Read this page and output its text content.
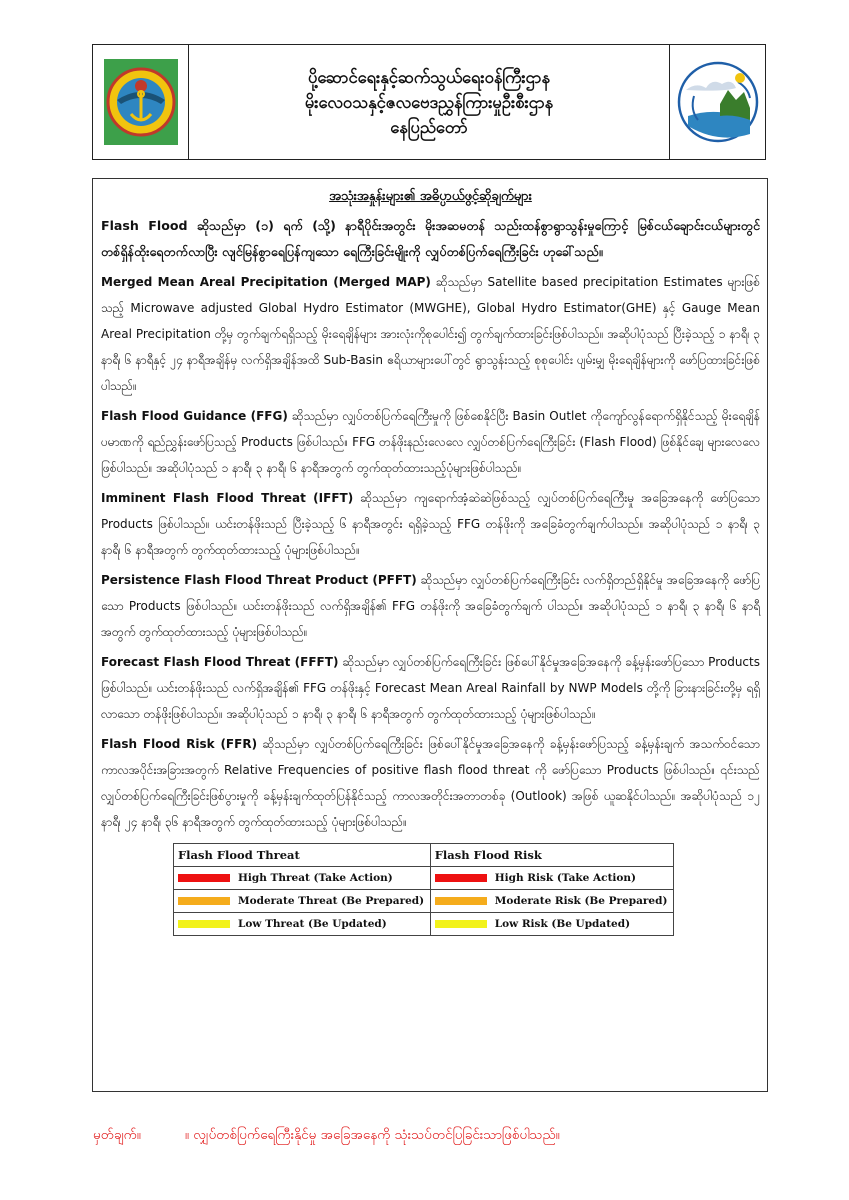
ပို့ဆောင်ရေးနှင့်ဆက်သွယ်ရေးဝန်ကြီးဌာန
မိုးလေဝသနှင့်ဇလဗေဒညွှန်ကြားမှုဦးစီးဌာန
နေပြည်တော်
အသုံးအနှုန်းများ၏ အဓိပ္ပာယ်ဖွင့်ဆိုချက်များ
Flash Flood ဆိုသည်မှာ (၁) ရက် (သို့) နာရီပိုင်းအတွင်း မိုးအဆမတန် သည်းထန်စွာရွာသွန်းမှုကြောင့် မြစ်ငယ်ချောင်းငယ်များတွင် တစ်ရှိန်ထိုးရေတက်လာပြီး လျင်မြန်စွာရေပြန်ကျသော ရေကြီးခြင်းမျိုးကို လျှပ်တစ်ပြက်ရေကြီးခြင်း ဟုခေါ်သည်။
Merged Mean Areal Precipitation (Merged MAP) ဆိုသည်မှာ Satellite based precipitation Estimates များဖြစ်သည့် Microwave adjusted Global Hydro Estimator (MWGHE), Global Hydro Estimator(GHE) နှင့် Gauge Mean Areal Precipitation တို့မှ တွက်ချက်ရရှိသည့် မိုးရေချိန်များ အားလုံးကိုစုပေါင်း၍ တွက်ချက်ထားခြင်းဖြစ်ပါသည်။ အဆိုပါပုံသည် ပြီးခဲ့သည့် ၁ နာရီ၊ ၃ နာရီ၊ ၆ နာရီနှင့် ၂၄ နာရီအချိန်မှ လက်ရှိအချိန်အထိ Sub-Basin ဧရိယာများပေါ်တွင် ရွာသွန်းသည့် စုစုပေါင်း ပျမ်းမျှ မိုးရေချိန်များကို ဖော်ပြထားခြင်းဖြစ်ပါသည်။
Flash Flood Guidance (FFG) ဆိုသည်မှာ လျှပ်တစ်ပြက်ရေကြီးမှုကို ဖြစ်စေနိုင်ပြီး Basin Outlet ကိုကျော်လွန်ရောက်ရှိနိုင်သည့် မိုးရေချိန်ပမာဏကို ရည်ညွှန်းဖော်ပြသည့် Products ဖြစ်ပါသည်။ FFG တန်ဖိုးနည်းလေလေ လျှပ်တစ်ပြက်ရေကြီးခြင်း (Flash Flood) ဖြစ်နိုင်ချေ များလေလေဖြစ်ပါသည်။ အဆိုပါပုံသည် ၁ နာရီ၊ ၃ နာရီ၊ ၆ နာရီအတွက် တွက်ထုတ်ထားသည့်ပုံများဖြစ်ပါသည်။
Imminent Flash Flood Threat (IFFT) ဆိုသည်မှာ ကျရောက်အံ့ဆဲဆဲဖြစ်သည့် လျှပ်တစ်ပြက်ရေကြီးမှု အခြေအနေကို ဖော်ပြသော Products ဖြစ်ပါသည်။ ယင်းတန်ဖိုးသည် ပြီးခဲ့သည့် ၆ နာရီအတွင်း ရရှိခဲ့သည့် FFG တန်ဖိုးကို အခြေခံတွက်ချက်ပါသည်။ အဆိုပါပုံသည် ၁ နာရီ၊ ၃ နာရီ၊ ၆ နာရီအတွက် တွက်ထုတ်ထားသည့် ပုံများဖြစ်ပါသည်။
Persistence Flash Flood Threat Product (PFFT) ဆိုသည်မှာ လျှပ်တစ်ပြက်ရေကြီးခြင်း လက်ရှိတည်ရှိနိုင်မှု အခြေအနေကို ဖော်ပြသော Products ဖြစ်ပါသည်။ ယင်းတန်ဖိုးသည် လက်ရှိအချိန်၏ FFG တန်ဖိုးကို အခြေခံတွက်ချက် ပါသည်။ အဆိုပါပုံသည် ၁ နာရီ၊ ၃ နာရီ၊ ၆ နာရီအတွက် တွက်ထုတ်ထားသည့် ပုံများဖြစ်ပါသည်။
Forecast Flash Flood Threat (FFFT) ဆိုသည်မှာ လျှပ်တစ်ပြက်ရေကြီးခြင်း ဖြစ်ပေါ်နိုင်မှုအခြေအနေကို ခန့်မှန်းဖော်ပြသော Products ဖြစ်ပါသည်။ ယင်းတန်ဖိုးသည် လက်ရှိအချိန်၏ FFG တန်ဖိုးနှင့် Forecast Mean Areal Rainfall by NWP Models တို့ကို ခြားနားခြင်းတို့မှ ရရှိလာသော တန်ဖိုးဖြစ်ပါသည်။ အဆိုပါပုံသည် ၁ နာရီ၊ ၃ နာရီ၊ ၆ နာရီအတွက် တွက်ထုတ်ထားသည့် ပုံများဖြစ်ပါသည်။
Flash Flood Risk (FFR) ဆိုသည်မှာ လျှပ်တစ်ပြက်ရေကြီးခြင်း ဖြစ်ပေါ်နိုင်မှုအခြေအနေကို ခန့်မှန်းဖော်ပြသည့် ခန့်မှန်းချက် အသက်ဝင်သော ကာလအပိုင်းအခြားအတွက် Relative Frequencies of positive flash flood threat ကို ဖော်ပြသော Products ဖြစ်ပါသည်။ ၎င်းသည် လျှပ်တစ်ပြက်ရေကြီးခြင်းဖြစ်ပွားမှုကို ခန့်မှန်းချက်ထုတ်ပြန်နိုင်သည့် ကာလအတိုင်းအတာတစ်ခု (Outlook) အဖြစ် ယူဆနိုင်ပါသည်။ အဆိုပါပုံသည် ၁၂ နာရီ၊ ၂၄ နာရီ၊ ၃၆ နာရီအတွက် တွက်ထုတ်ထားသည့် ပုံများဖြစ်ပါသည်။
Flash Flood Threat	Flash Flood Risk
High Threat (Take Action)	High Risk (Take Action)
Moderate Threat (Be Prepared)	Moderate Risk (Be Prepared)
Low Threat (Be Updated)	Low Risk (Be Updated)
မှတ်ချက်။	။ လျှပ်တစ်ပြက်ရေကြီးနိုင်မှု အခြေအနေကို သုံးသပ်တင်ပြခြင်းသာဖြစ်ပါသည်။
